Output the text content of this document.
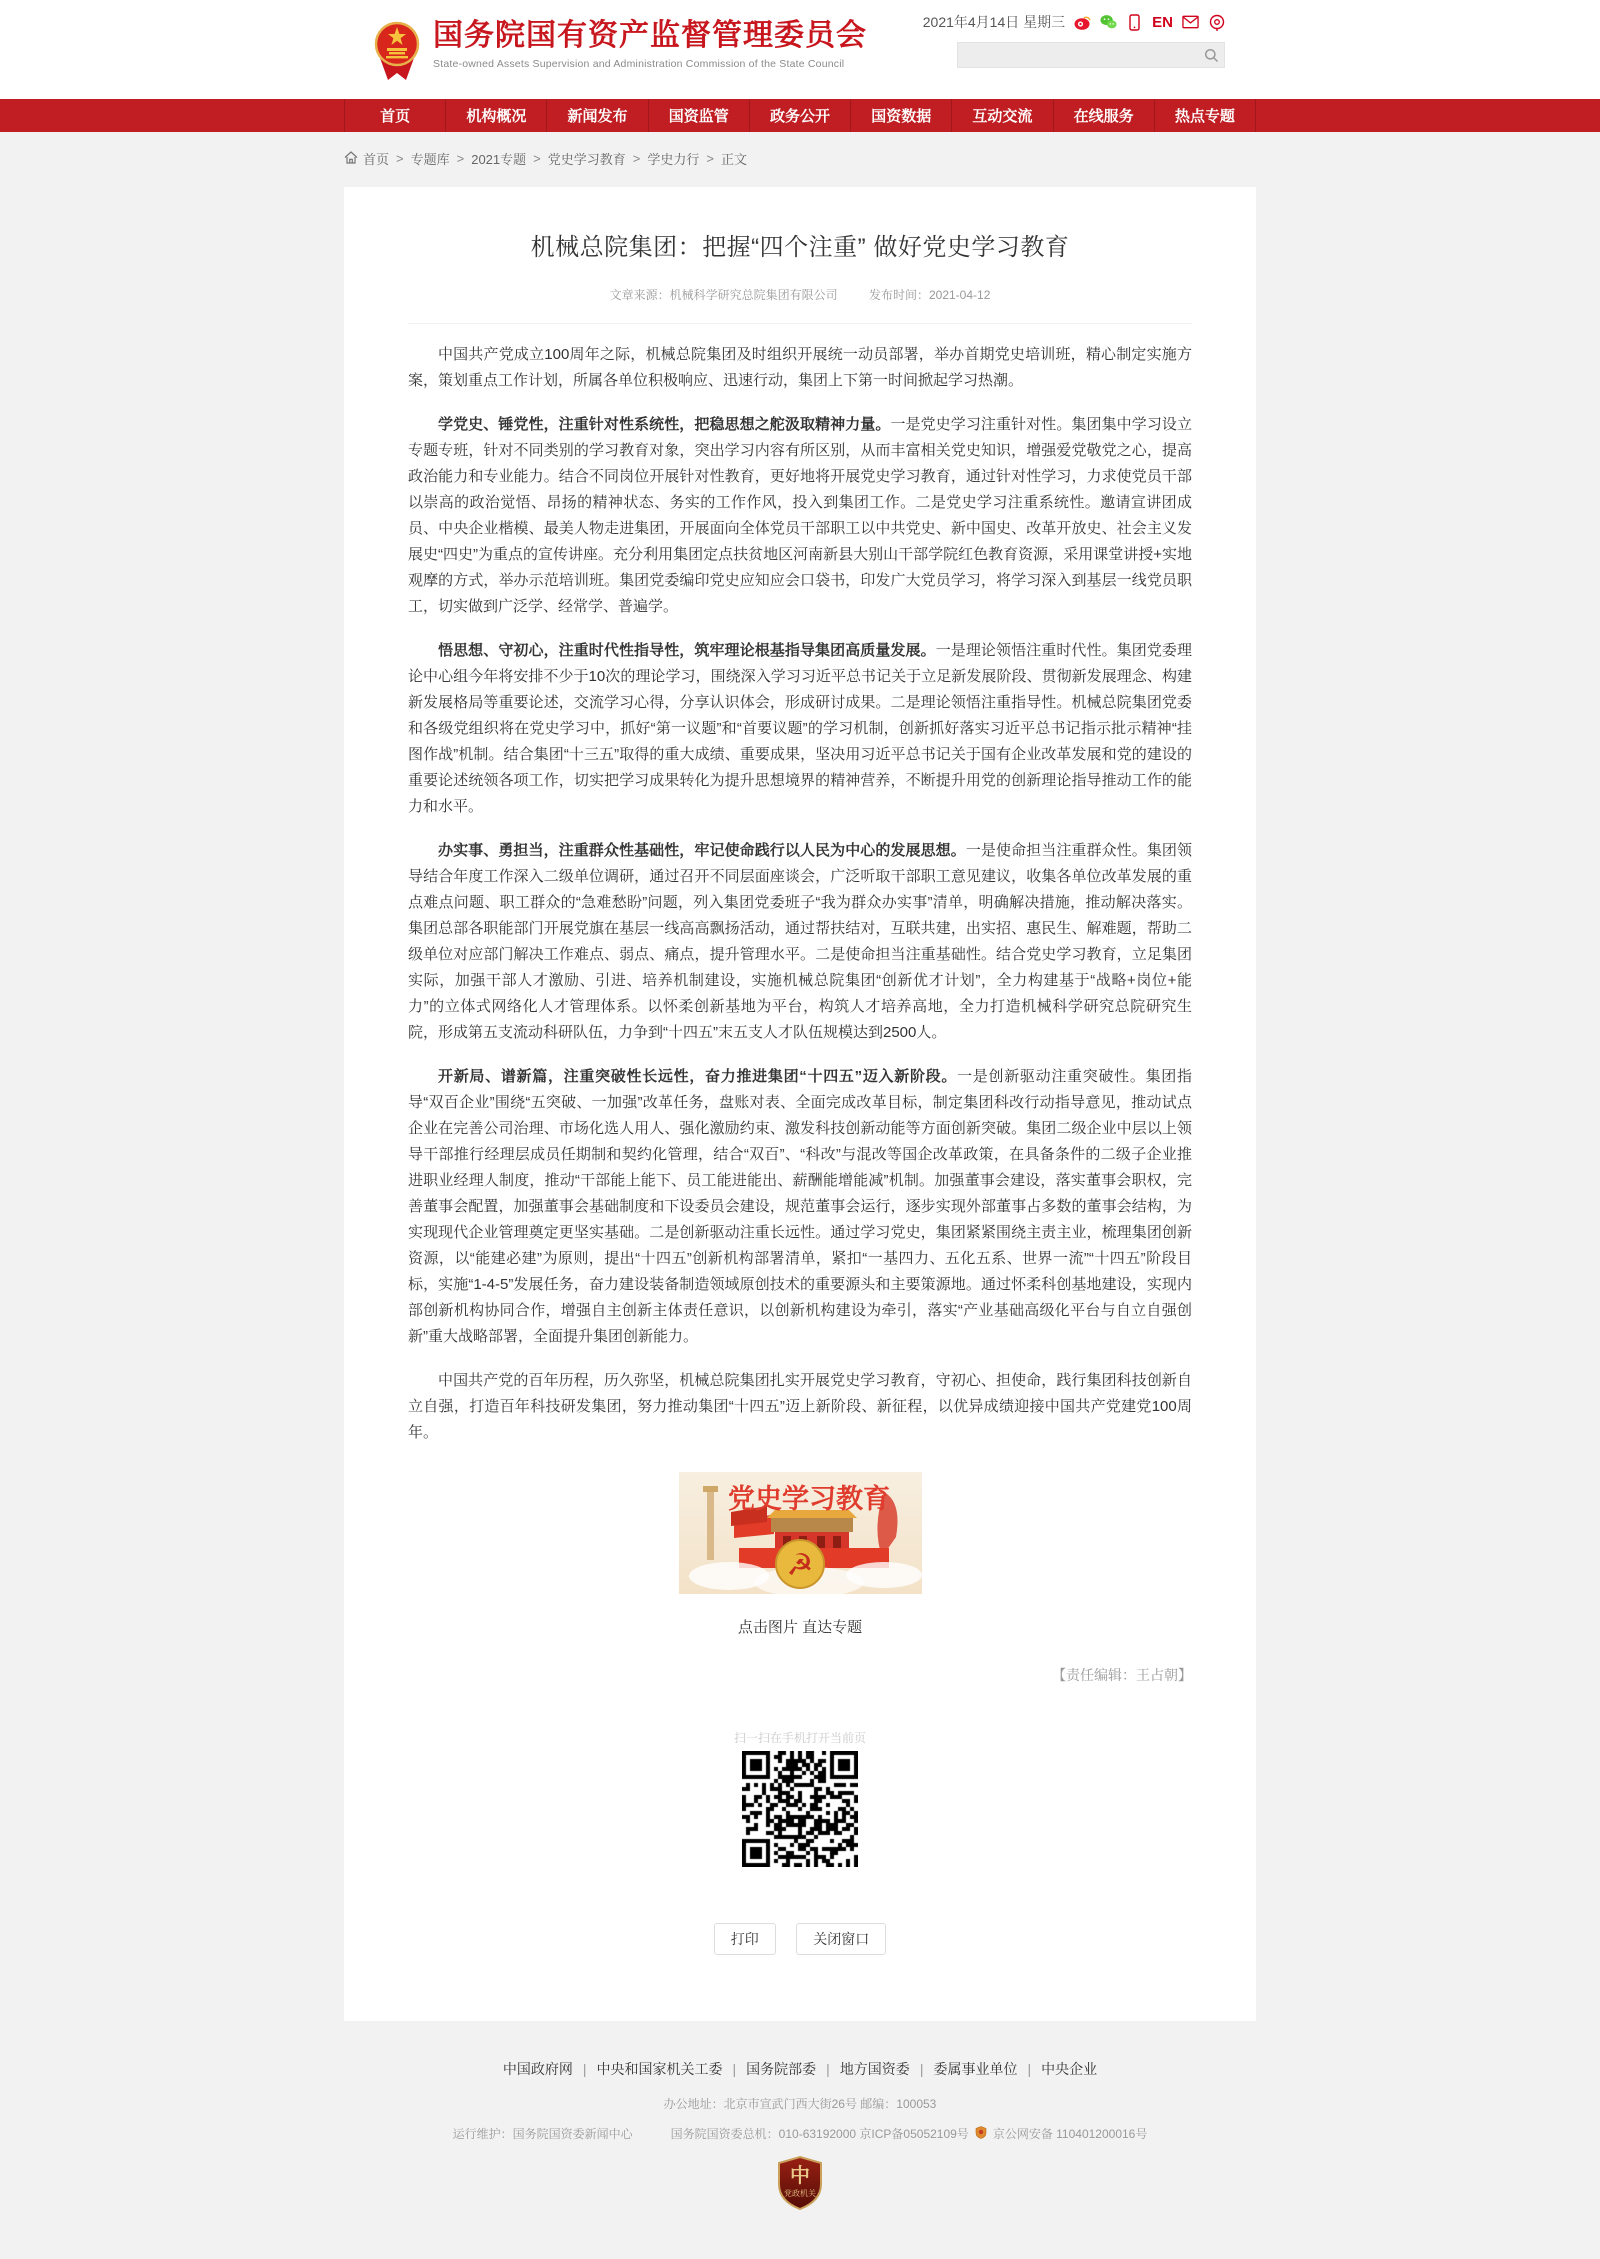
国务院国有资产监督管理委员会
State-owned Assets Supervision and Administration Commission of the State Council
2021年4月14日 星期三	EN
首页	机构概况	新闻发布	国资监管	政务公开	国资数据	互动交流	在线服务	热点专题
首页 > 专题库 > 2021专题 > 党史学习教育 > 学史力行 > 正文
机械总院集团：把握“四个注重” 做好党史学习教育
文章来源：机械科学研究总院集团有限公司	发布时间：2021-04-12

中国共产党成立100周年之际，机械总院集团及时组织开展统一动员部署，举办首期党史培训班，精心制定实施方案，策划重点工作计划，所属各单位积极响应、迅速行动，集团上下第一时间掀起学习热潮。

学党史、锤党性，注重针对性系统性，把稳思想之舵汲取精神力量。一是党史学习注重针对性。集团集中学习设立专题专班，针对不同类别的学习教育对象，突出学习内容有所区别，从而丰富相关党史知识，增强爱党敬党之心，提高政治能力和专业能力。结合不同岗位开展针对性教育，更好地将开展党史学习教育，通过针对性学习，力求使党员干部以崇高的政治觉悟、昂扬的精神状态、务实的工作作风，投入到集团工作。二是党史学习注重系统性。邀请宣讲团成员、中央企业楷模、最美人物走进集团，开展面向全体党员干部职工以中共党史、新中国史、改革开放史、社会主义发展史“四史”为重点的宣传讲座。充分利用集团定点扶贫地区河南新县大别山干部学院红色教育资源，采用课堂讲授+实地观摩的方式，举办示范培训班。集团党委编印党史应知应会口袋书，印发广大党员学习，将学习深入到基层一线党员职工，切实做到广泛学、经常学、普遍学。

悟思想、守初心，注重时代性指导性，筑牢理论根基指导集团高质量发展。一是理论领悟注重时代性。集团党委理论中心组今年将安排不少于10次的理论学习，围绕深入学习习近平总书记关于立足新发展阶段、贯彻新发展理念、构建新发展格局等重要论述，交流学习心得，分享认识体会，形成研讨成果。二是理论领悟注重指导性。机械总院集团党委和各级党组织将在党史学习中，抓好“第一议题”和“首要议题”的学习机制，创新抓好落实习近平总书记指示批示精神“挂图作战”机制。结合集团“十三五”取得的重大成绩、重要成果，坚决用习近平总书记关于国有企业改革发展和党的建设的重要论述统领各项工作，切实把学习成果转化为提升思想境界的精神营养，不断提升用党的创新理论指导推动工作的能力和水平。

办实事、勇担当，注重群众性基础性，牢记使命践行以人民为中心的发展思想。一是使命担当注重群众性。集团领导结合年度工作深入二级单位调研，通过召开不同层面座谈会，广泛听取干部职工意见建议，收集各单位改革发展的重点难点问题、职工群众的“急难愁盼”问题，列入集团党委班子“我为群众办实事”清单，明确解决措施，推动解决落实。集团总部各职能部门开展党旗在基层一线高高飘扬活动，通过帮扶结对，互联共建，出实招、惠民生、解难题，帮助二级单位对应部门解决工作难点、弱点、痛点，提升管理水平。二是使命担当注重基础性。结合党史学习教育，立足集团实际，加强干部人才激励、引进、培养机制建设，实施机械总院集团“创新优才计划”，全力构建基于“战略+岗位+能力”的立体式网络化人才管理体系。以怀柔创新基地为平台，构筑人才培养高地，全力打造机械科学研究总院研究生院，形成第五支流动科研队伍，力争到“十四五”末五支人才队伍规模达到2500人。

开新局、谱新篇，注重突破性长远性，奋力推进集团“十四五”迈入新阶段。一是创新驱动注重突破性。集团指导“双百企业”围绕“五突破、一加强”改革任务，盘账对表、全面完成改革目标，制定集团科改行动指导意见，推动试点企业在完善公司治理、市场化选人用人、强化激励约束、激发科技创新动能等方面创新突破。集团二级企业中层以上领导干部推行经理层成员任期制和契约化管理，结合“双百”、“科改”与混改等国企改革政策，在具备条件的二级子企业推进职业经理人制度，推动“干部能上能下、员工能进能出、薪酬能增能减”机制。加强董事会建设，落实董事会职权，完善董事会配置，加强董事会基础制度和下设委员会建设，规范董事会运行，逐步实现外部董事占多数的董事会结构，为实现现代企业管理奠定更坚实基础。二是创新驱动注重长远性。通过学习党史，集团紧紧围绕主责主业，梳理集团创新资源，以“能建必建”为原则，提出“十四五”创新机构部署清单，紧扣“一基四力、五化五系、世界一流”“十四五”阶段目标，实施“1-4-5”发展任务，奋力建设装备制造领域原创技术的重要源头和主要策源地。通过怀柔科创基地建设，实现内部创新机构协同合作，增强自主创新主体责任意识，以创新机构建设为牵引，落实“产业基础高级化平台与自立自强创新”重大战略部署，全面提升集团创新能力。

中国共产党的百年历程，历久弥坚，机械总院集团扎实开展党史学习教育，守初心、担使命，践行集团科技创新自立自强，打造百年科技研发集团，努力推动集团“十四五”迈上新阶段、新征程，以优异成绩迎接中国共产党建党100周年。

☭
党史学习教育
点击图片 直达专题
【责任编辑：王占朝】
扫一扫在手机打开当前页
打印	关闭窗口
中国政府网 | 中央和国家机关工委 | 国务院部委 | 地方国资委 | 委属事业单位 | 中央企业
办公地址：北京市宣武门西大街26号 邮编：100053
运行维护：国务院国资委新闻中心	国务院国资委总机：010-63192000 京ICP备05052109号 京公网安备 110401200016号
中
党政机关
